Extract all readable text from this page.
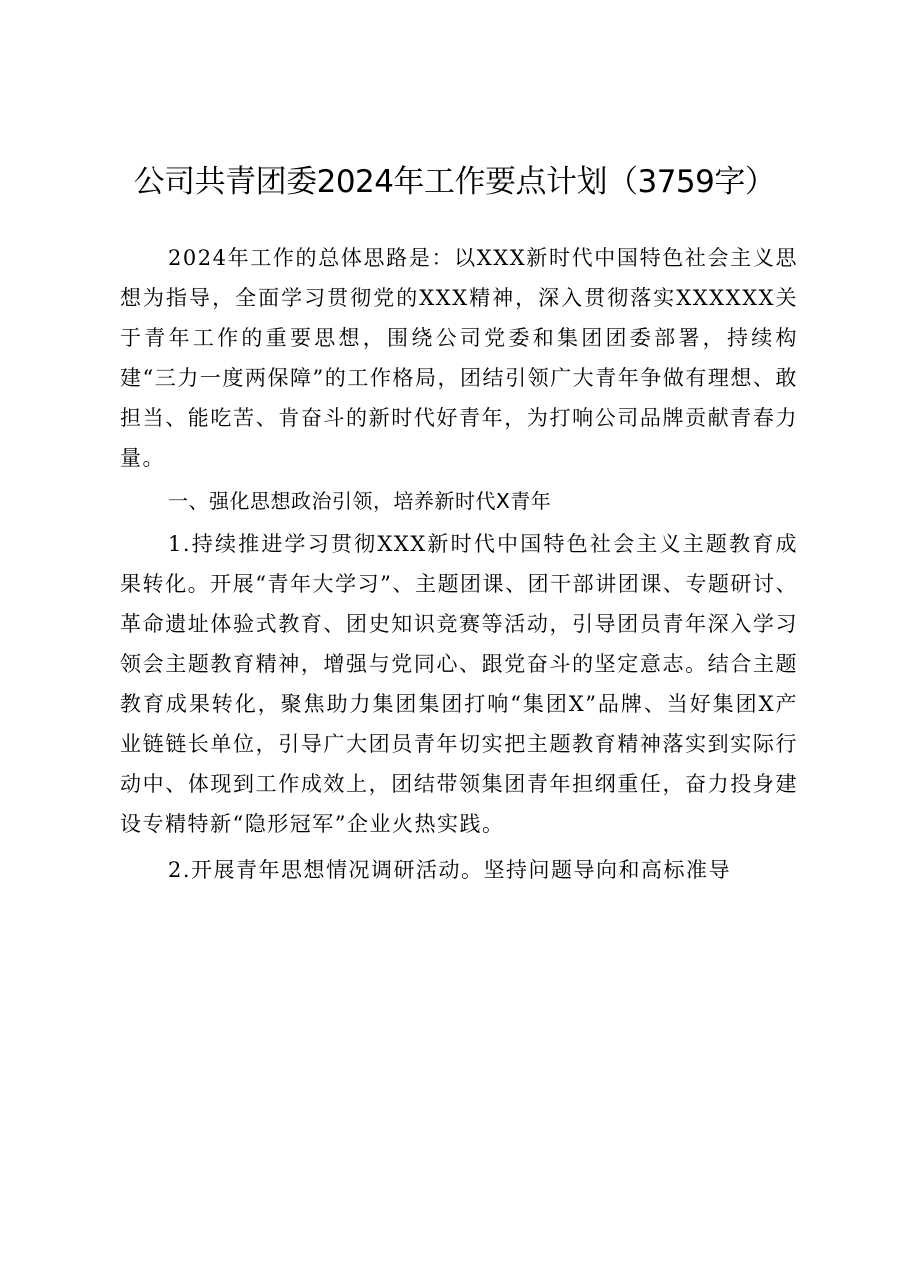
公司共青团委2024年工作要点计划（3759字）

2024年工作的总体思路是：以XXX新时代中国特色社会主义思想为指导，全面学习贯彻党的XXX精神，深入贯彻落实XXXXXX关于青年工作的重要思想，围绕公司党委和集团团委部署，持续构建“三力一度两保障”的工作格局，团结引领广大青年争做有理想、敢担当、能吃苦、肯奋斗的新时代好青年，为打响公司品牌贡献青春力量。

一、强化思想政治引领，培养新时代X青年

1.持续推进学习贯彻XXX新时代中国特色社会主义主题教育成果转化。开展“青年大学习”、主题团课、团干部讲团课、专题研讨、革命遗址体验式教育、团史知识竞赛等活动，引导团员青年深入学习领会主题教育精神，增强与党同心、跟党奋斗的坚定意志。结合主题教育成果转化，聚焦助力集团集团打响“集团X”品牌、当好集团X产业链链长单位，引导广大团员青年切实把主题教育精神落实到实际行动中、体现到工作成效上，团结带领集团青年担纲重任，奋力投身建设专精特新“隐形冠军”企业火热实践。

2.开展青年思想情况调研活动。坚持问题导向和高标准导
